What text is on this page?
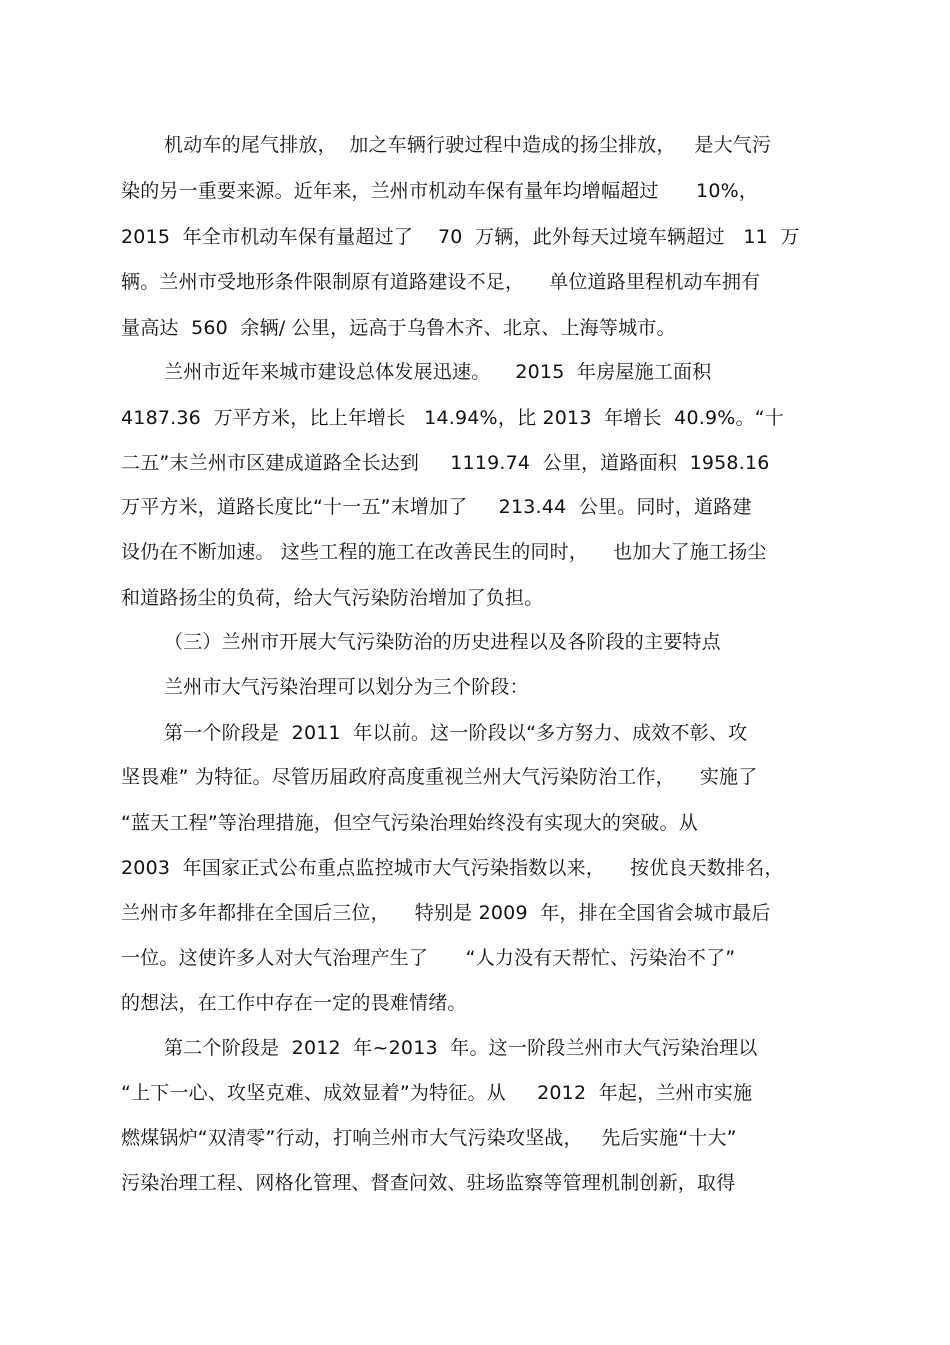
机动车的尾气排放，  加之车辆行驶过程中造成的扬尘排放，   是大气污
染的另一重要来源。近年来，兰州市机动车保有量年均增幅超过      10%，
2015  年全市机动车保有量超过了    70  万辆，此外每天过境车辆超过   11  万
辆。兰州市受地形条件限制原有道路建设不足，    单位道路里程机动车拥有
量高达  560  余辆/ 公里，远高于乌鲁木齐、北京、上海等城市。
兰州市近年来城市建设总体发展迅速。    2015  年房屋施工面积
4187.36  万平方米，比上年增长   14.94%，比 2013  年增长  40.9%。“十
二五”末兰州市区建成道路全长达到     1119.74  公里，道路面积  1958.16
万平方米，道路长度比“十一五”末增加了     213.44  公里。同时，道路建
设仍在不断加速。 这些工程的施工在改善民生的同时，    也加大了施工扬尘
和道路扬尘的负荷，给大气污染防治增加了负担。
（三）兰州市开展大气污染防治的历史进程以及各阶段的主要特点
兰州市大气污染治理可以划分为三个阶段：
第一个阶段是  2011  年以前。这一阶段以“多方努力、成效不彰、攻
坚畏难” 为特征。尽管历届政府高度重视兰州大气污染防治工作，    实施了
“蓝天工程”等治理措施，但空气污染治理始终没有实现大的突破。从
2003  年国家正式公布重点监控城市大气污染指数以来，    按优良天数排名，
兰州市多年都排在全国后三位，    特别是 2009  年，排在全国省会城市最后
一位。这使许多人对大气治理产生了      “人力没有天帮忙、污染治不了”
的想法，在工作中存在一定的畏难情绪。
第二个阶段是  2012  年~2013  年。这一阶段兰州市大气污染治理以
“上下一心、攻坚克难、成效显着”为特征。从     2012  年起，兰州市实施
燃煤锅炉“双清零”行动，打响兰州市大气污染攻坚战，   先后实施“十大”
污染治理工程、网格化管理、督查问效、驻场监察等管理机制创新，取得
